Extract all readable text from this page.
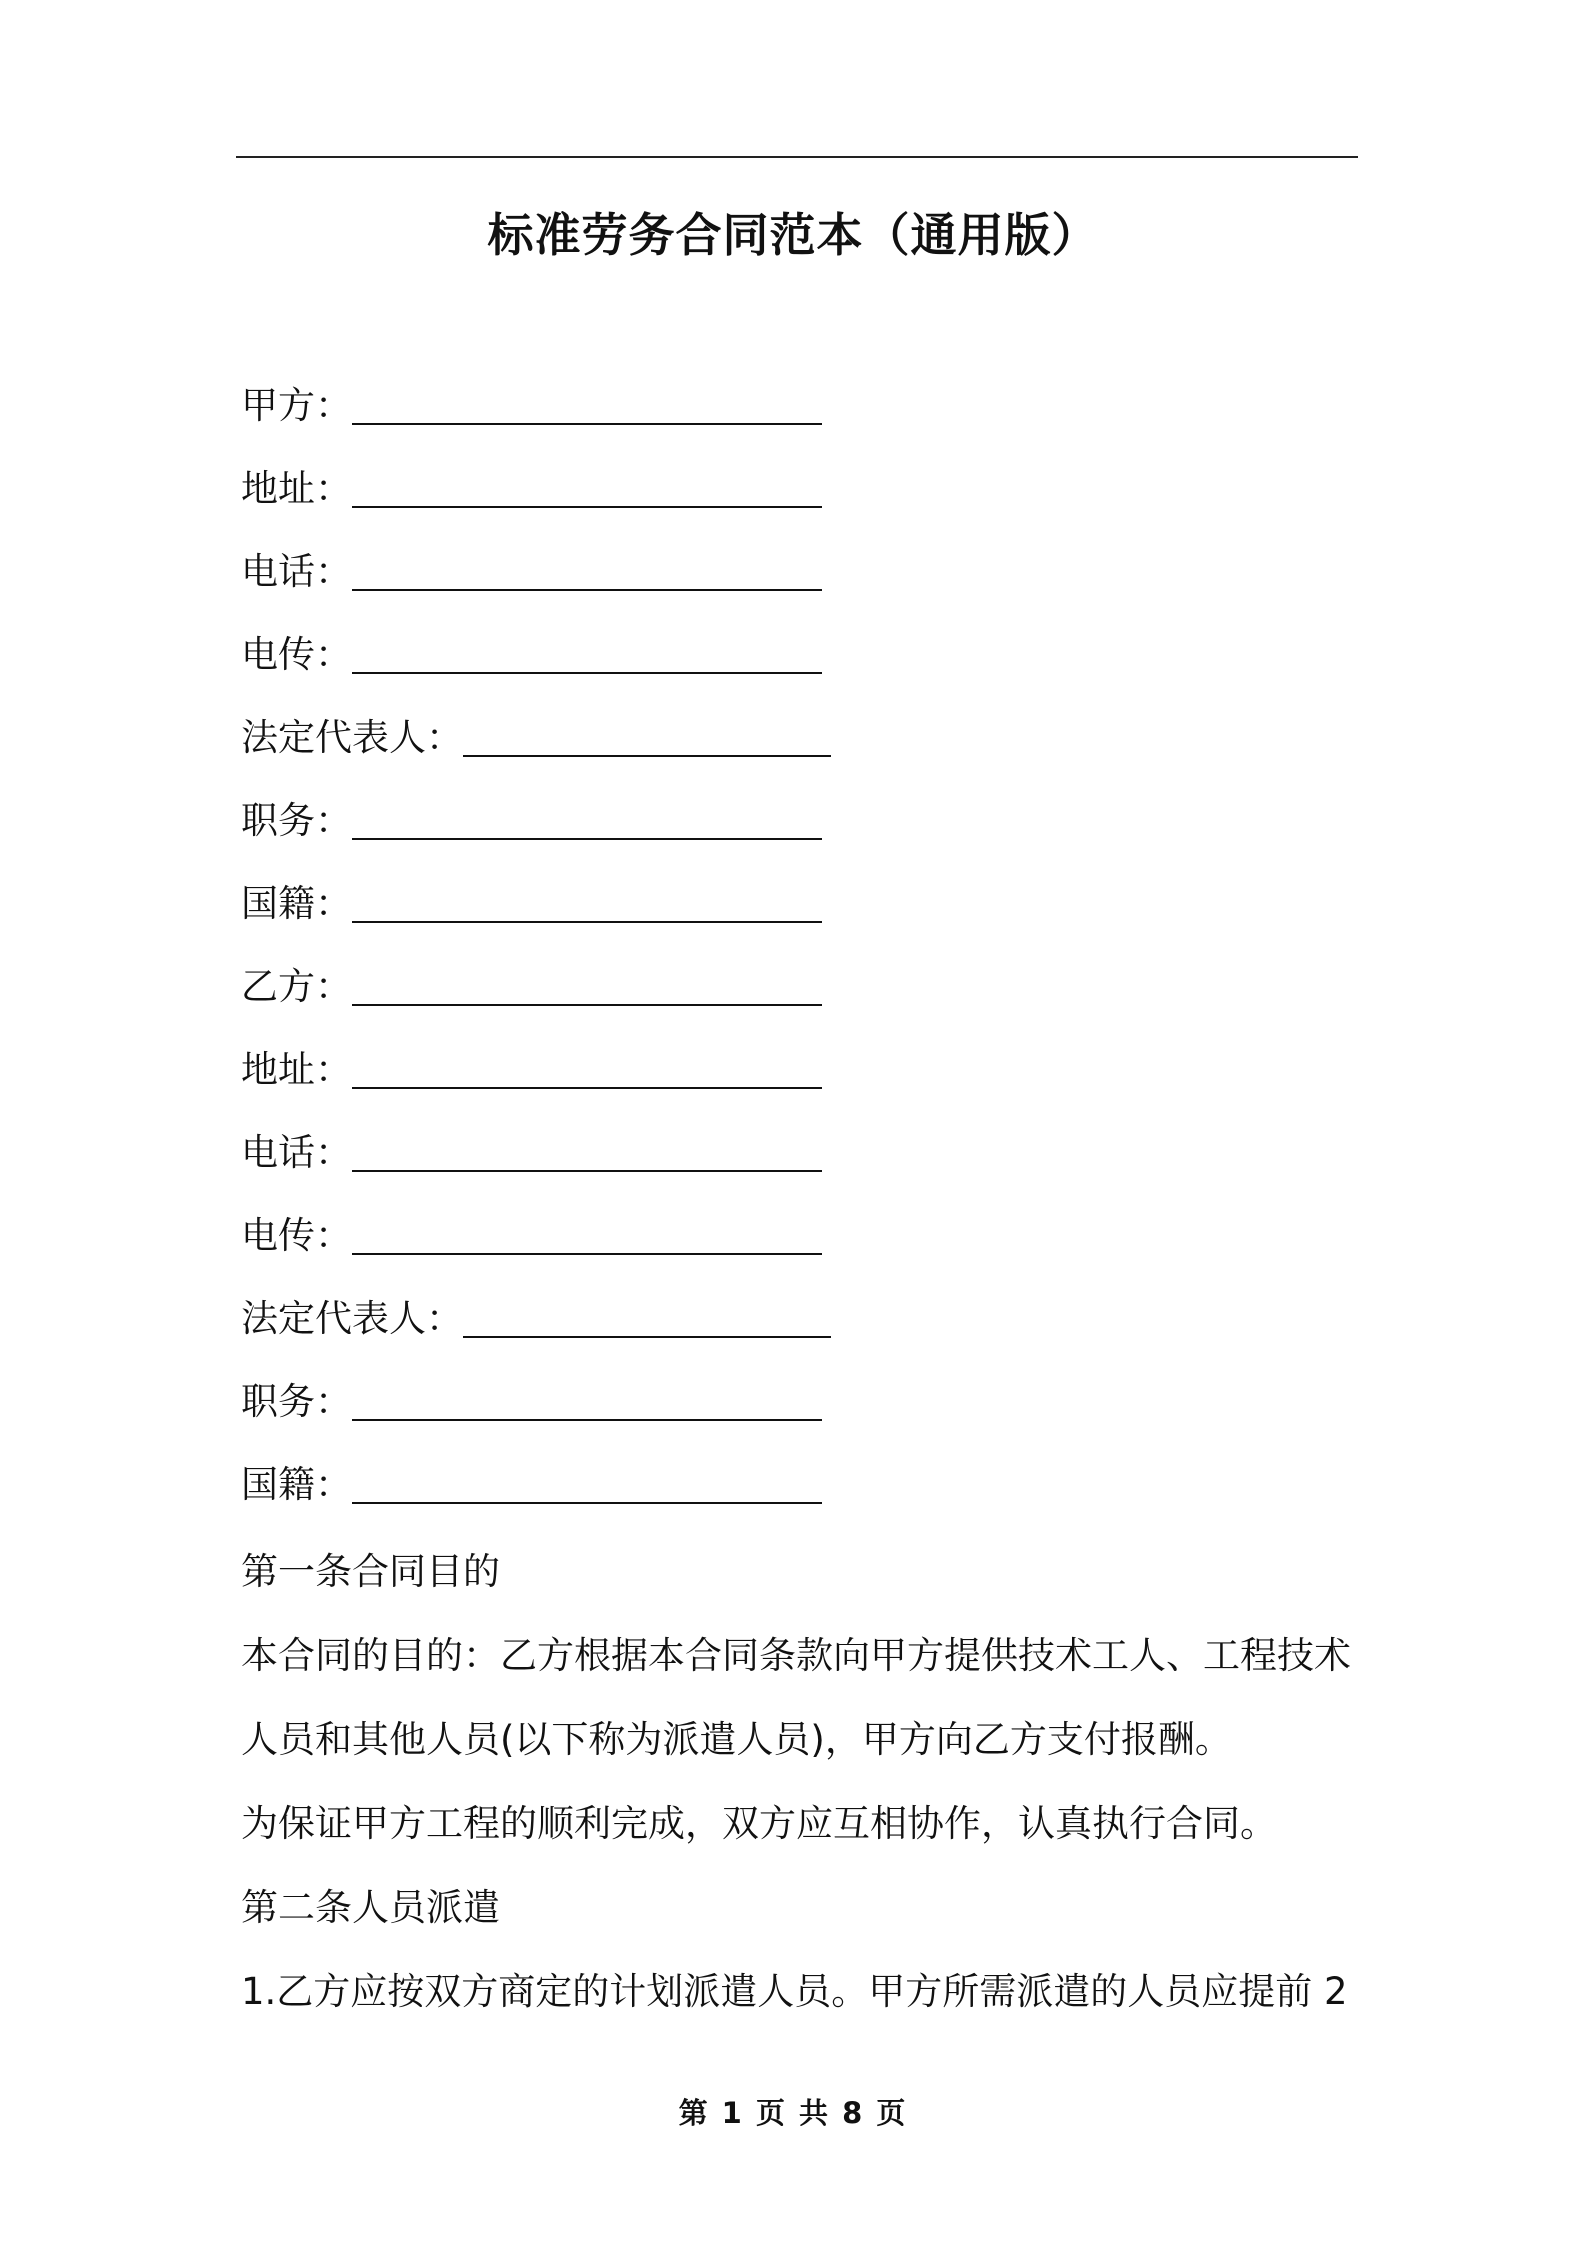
标准劳务合同范本（通用版）
甲方：
地址：
电话：
电传：
法定代表人：
职务：
国籍：
乙方：
地址：
电话：
电传：
法定代表人：
职务：
国籍：
第一条合同目的
本合同的目的：乙方根据本合同条款向甲方提供技术工人、工程技术
人员和其他人员(以下称为派遣人员)，甲方向乙方支付报酬。
为保证甲方工程的顺利完成，双方应互相协作，认真执行合同。
第二条人员派遣
1.乙方应按双方商定的计划派遣人员。甲方所需派遣的人员应提前 2
第 1 页 共 8 页
